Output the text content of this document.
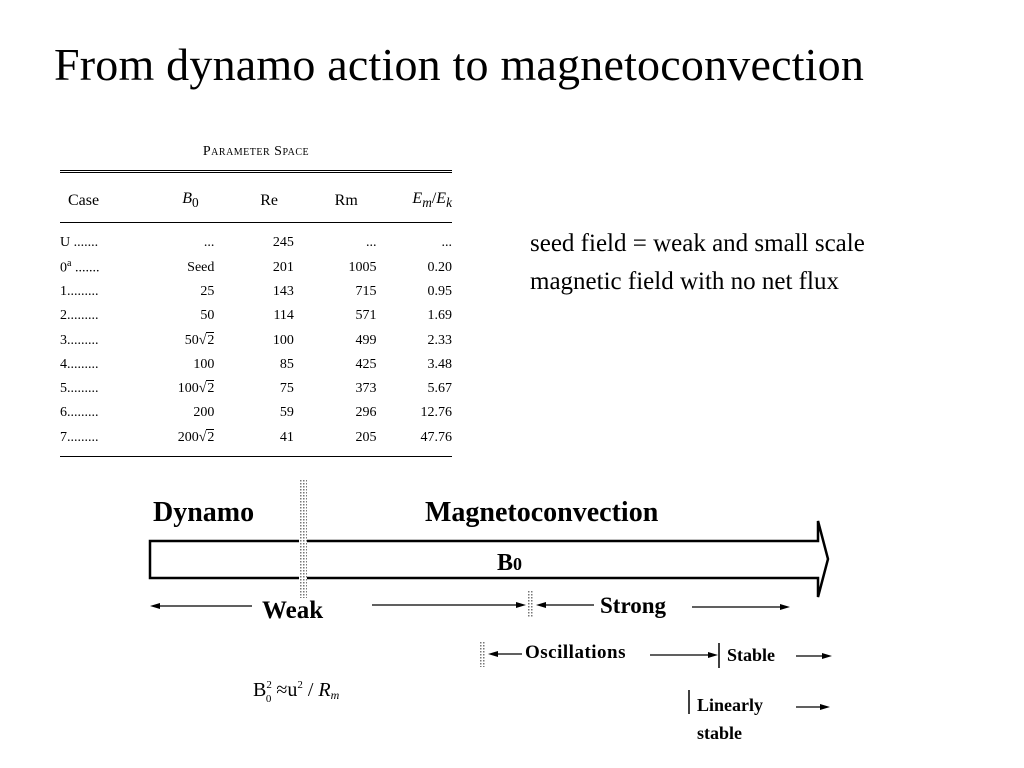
From dynamo action to magnetoconvection
Parameter Space
Case	$B_0$	Re	Rm	$E_m/E_k$
U .......	...	245	...	...
0$^a$ .......	Seed	201	1005	0.20
1.........	25	143	715	0.95
2.........	50	114	571	1.69
3.........	50√2	100	499	2.33
4.........	100	85	425	3.48
5.........	100√2	75	373	5.67
6.........	200	59	296	12.76
7.........	200√2	41	205	47.76
seed field = weak and small scale
magnetic field with no net flux
Dynamo	Magnetoconvection
B0
Weak	Strong
Oscillations	Stable
Linearly
stable
$B^2$ $0 \approx u^2 / Rm$
